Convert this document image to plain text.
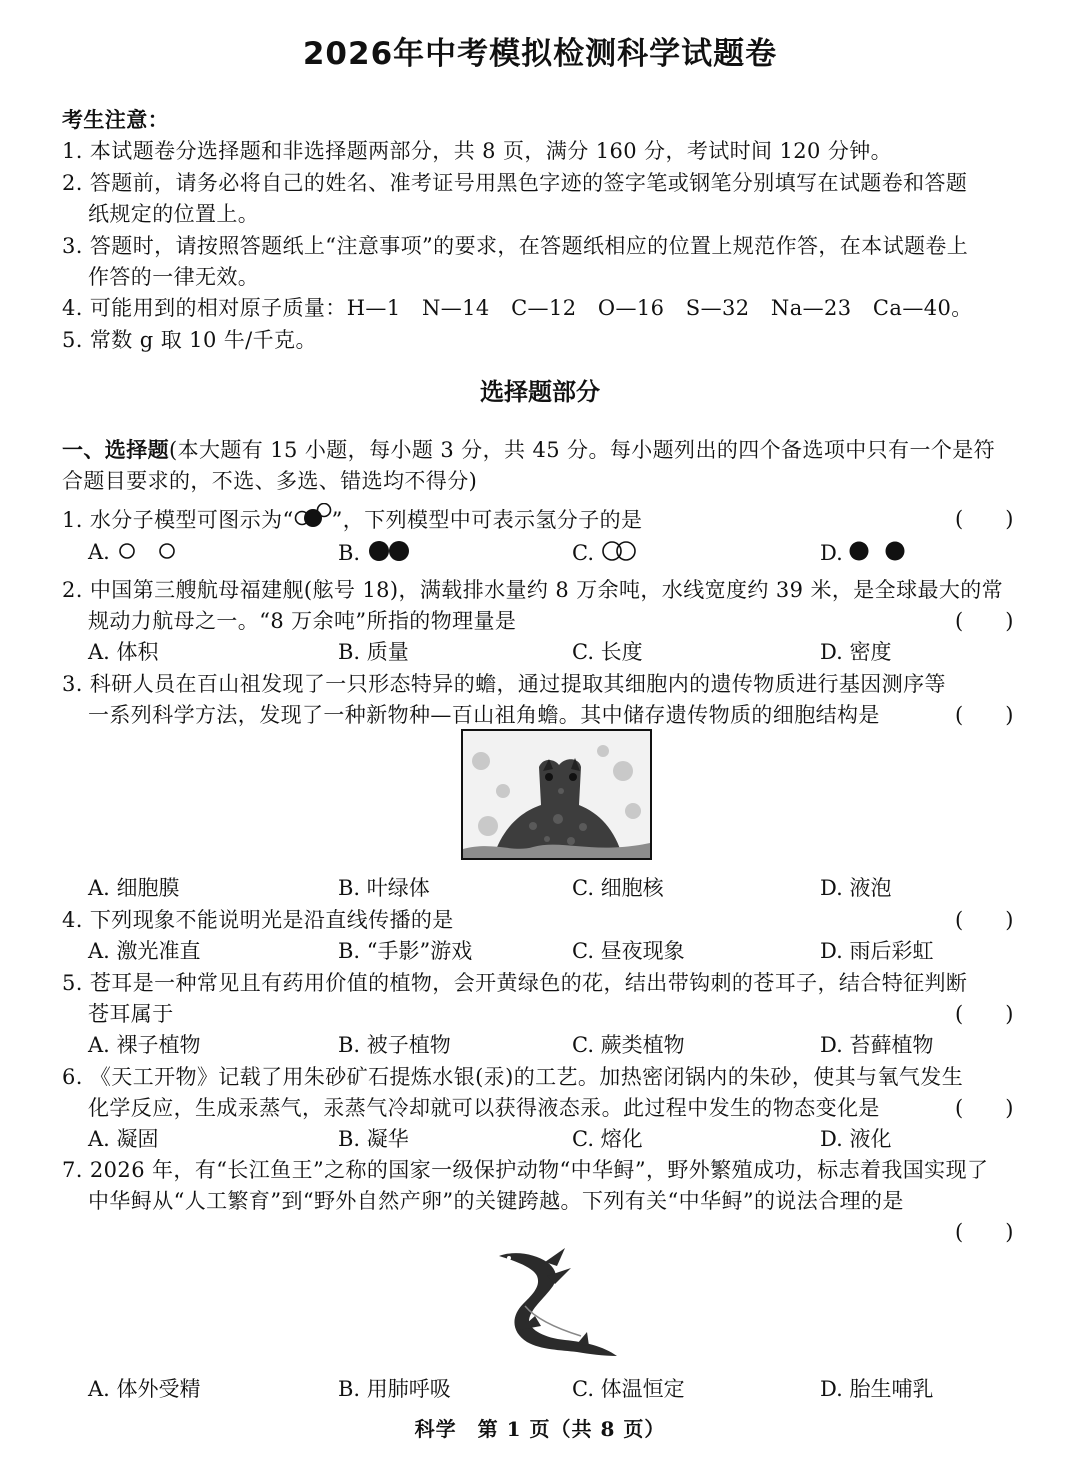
2026年中考模拟检测科学试题卷
考生注意：
1. 本试题卷分选择题和非选择题两部分，共 8 页，满分 160 分，考试时间 120 分钟。
2. 答题前，请务必将自己的姓名、准考证号用黑色字迹的签字笔或钢笔分别填写在试题卷和答题
纸规定的位置上。
3. 答题时，请按照答题纸上“注意事项”的要求，在答题纸相应的位置上规范作答，在本试题卷上
作答的一律无效。
4. 可能用到的相对原子质量：H—1　N—14　C—12　O—16　S—32　Na—23　Ca—40。
5. 常数 g 取 10 牛/千克。
选择题部分
一、选择题(本大题有 15 小题，每小题 3 分，共 45 分。每小题列出的四个备选项中只有一个是符
合题目要求的，不选、多选、错选均不得分)
1. 水分子模型可图示为“ ”，下列模型中可表示氢分子的是	(　　)
A.	B.	C.	D.
2. 中国第三艘航母福建舰(舷号 18)，满载排水量约 8 万余吨，水线宽度约 39 米，是全球最大的常
规动力航母之一。“8 万余吨”所指的物理量是	(　　)
A. 体积	B. 质量	C. 长度	D. 密度
3. 科研人员在百山祖发现了一只形态特异的蟾，通过提取其细胞内的遗传物质进行基因测序等
一系列科学方法，发现了一种新物种—百山祖角蟾。其中储存遗传物质的细胞结构是	(　　)
A. 细胞膜	B. 叶绿体	C. 细胞核	D. 液泡
4. 下列现象不能说明光是沿直线传播的是	(　　)
A. 激光准直	B. “手影”游戏	C. 昼夜现象	D. 雨后彩虹
5. 苍耳是一种常见且有药用价值的植物，会开黄绿色的花，结出带钩刺的苍耳子，结合特征判断
苍耳属于	(　　)
A. 裸子植物	B. 被子植物	C. 蕨类植物	D. 苔藓植物
6. 《天工开物》记载了用朱砂矿石提炼水银(汞)的工艺。加热密闭锅内的朱砂，使其与氧气发生
化学反应，生成汞蒸气，汞蒸气冷却就可以获得液态汞。此过程中发生的物态变化是	(　　)
A. 凝固	B. 凝华	C. 熔化	D. 液化
7. 2026 年，有“长江鱼王”之称的国家一级保护动物“中华鲟”，野外繁殖成功，标志着我国实现了
中华鲟从“人工繁育”到“野外自然产卵”的关键跨越。下列有关“中华鲟”的说法合理的是
(　　)
A. 体外受精	B. 用肺呼吸	C. 体温恒定	D. 胎生哺乳
科学　第 1 页（共 8 页）
